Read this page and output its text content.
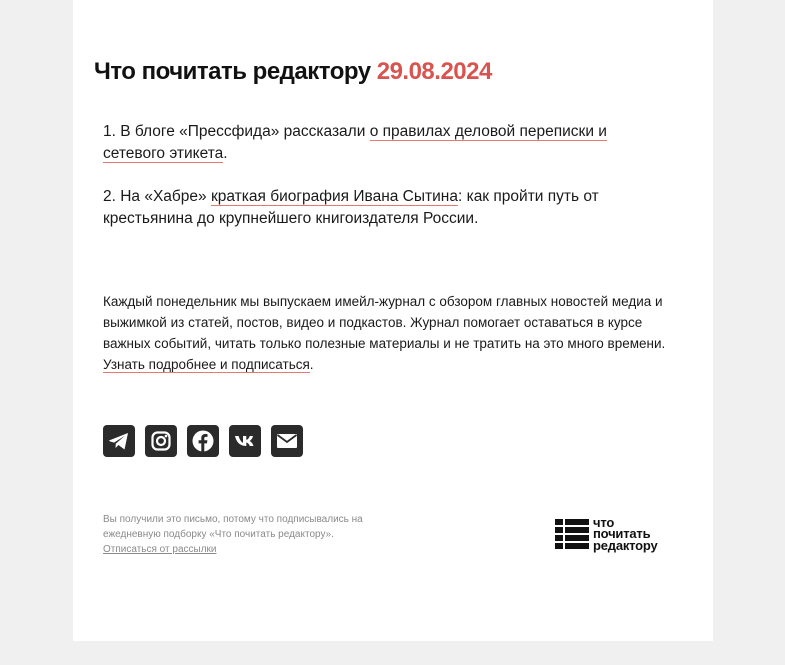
Что почитать редактору 29.08.2024

1. В блоге «Прессфида» рассказали о правилах деловой переписки и сетевого этикета.

2. На «Хабре» краткая биография Ивана Сытина: как пройти путь от крестьянина до крупнейшего книгоиздателя России.

Каждый понедельник мы выпускаем имейл-журнал с обзором главных новостей медиа и выжимкой из статей, постов, видео и подкастов. Журнал помогает оставаться в курсе важных событий, читать только полезные материалы и не тратить на это много времени. Узнать подробнее и подписаться.

Вы получили это письмо, потому что подписывались на ежедневную подборку «Что почитать редактору».
Отписаться от рассылки

что
почитать
редактору
